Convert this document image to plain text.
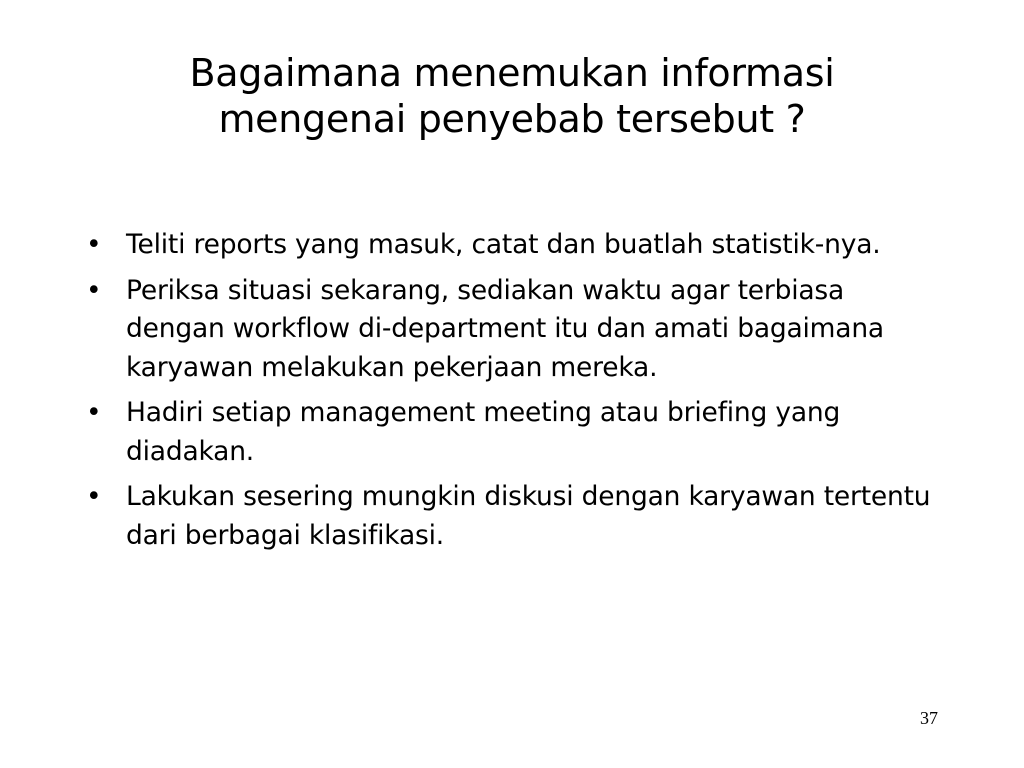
Bagaimana menemukan informasi
mengenai penyebab tersebut ?
• Teliti reports yang masuk, catat dan buatlah statistik-nya.
• Periksa situasi sekarang, sediakan waktu agar terbiasa dengan workflow di-department itu dan amati bagaimana karyawan melakukan pekerjaan mereka.
• Hadiri setiap management meeting atau briefing yang diadakan.
• Lakukan sesering mungkin diskusi dengan karyawan tertentu dari berbagai klasifikasi.
37
